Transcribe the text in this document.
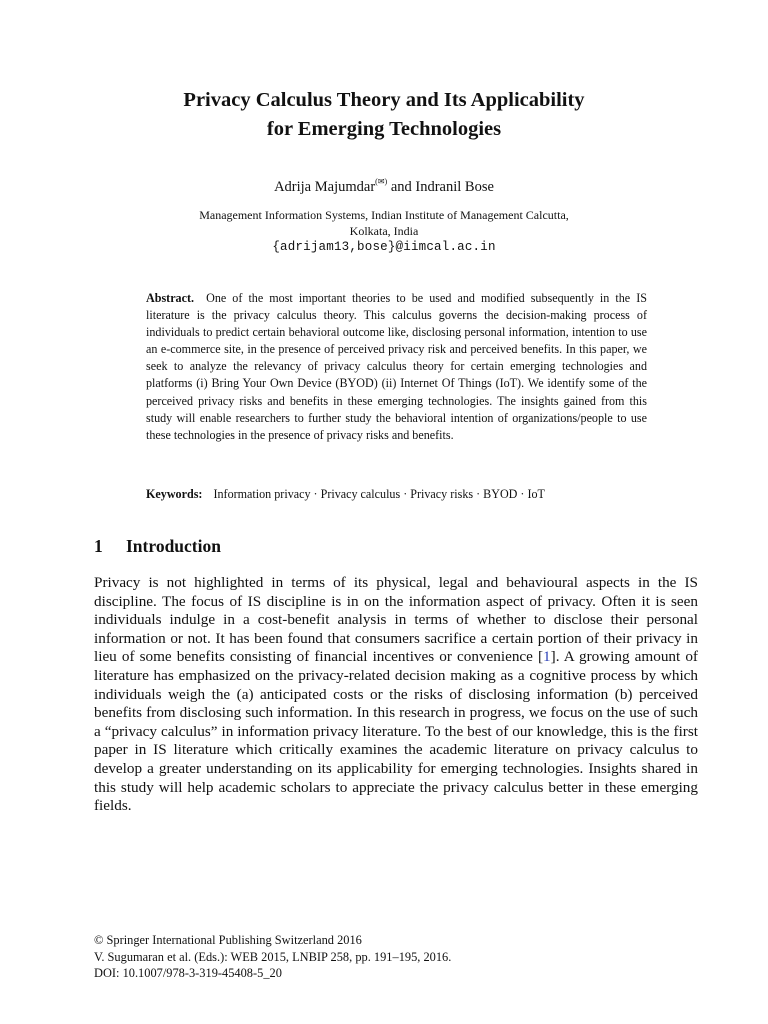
Privacy Calculus Theory and Its Applicability
for Emerging Technologies
Adrija Majumdar(✉) and Indranil Bose
Management Information Systems, Indian Institute of Management Calcutta,
Kolkata, India
{adrijam13,bose}@iimcal.ac.in
Abstract. One of the most important theories to be used and modified subsequently in the IS literature is the privacy calculus theory. This calculus governs the decision-making process of individuals to predict certain behavioral outcome like, disclosing personal information, intention to use an e-commerce site, in the presence of perceived privacy risk and perceived benefits. In this paper, we seek to analyze the relevancy of privacy calculus theory for certain emerging technologies and platforms (i) Bring Your Own Device (BYOD) (ii) Internet Of Things (IoT). We identify some of the perceived privacy risks and benefits in these emerging technologies. The insights gained from this study will enable researchers to further study the behavioral intention of organizations/people to use these technologies in the presence of privacy risks and benefits.
Keywords: Information privacy · Privacy calculus · Privacy risks · BYOD · IoT
1 Introduction
Privacy is not highlighted in terms of its physical, legal and behavioural aspects in the IS discipline. The focus of IS discipline is in on the information aspect of privacy. Often it is seen individuals indulge in a cost-benefit analysis in terms of whether to disclose their personal information or not. It has been found that consumers sacrifice a certain portion of their privacy in lieu of some benefits consisting of financial incentives or convenience [1]. A growing amount of literature has emphasized on the privacy-related decision making as a cognitive process by which individuals weigh the (a) anticipated costs or the risks of disclosing information (b) perceived benefits from disclosing such information. In this research in progress, we focus on the use of such a “privacy calculus” in information privacy literature. To the best of our knowledge, this is the first paper in IS literature which critically examines the academic literature on privacy calculus to develop a greater understanding on its applicability for emerging technologies. Insights shared in this study will help academic scholars to appreciate the privacy calculus better in these emerging fields.
© Springer International Publishing Switzerland 2016
V. Sugumaran et al. (Eds.): WEB 2015, LNBIP 258, pp. 191–195, 2016.
DOI: 10.1007/978-3-319-45408-5_20
